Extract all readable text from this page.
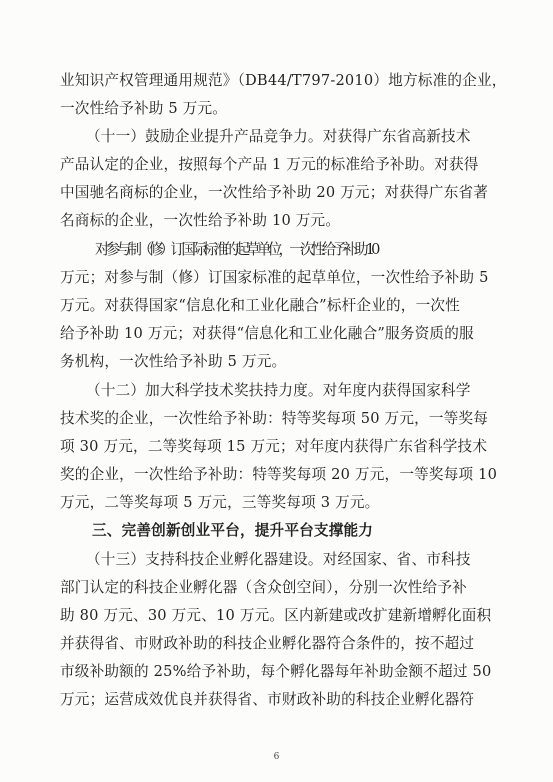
业知识产权管理通用规范》（DB44/T797-2010）地方标准的企业，
一次性给予补助 5 万元。
（十一）鼓励企业提升产品竞争力。对获得广东省高新技术
产品认定的企业，按照每个产品 1 万元的标准给予补助。对获得
中国驰名商标的企业，一次性给予补助 20 万元；对获得广东省著
名商标的企业，一次性给予补助 10 万元。
对参与制（修）订国际标准的起草单位，一次性给予补助 10
万元；对参与制（修）订国家标准的起草单位，一次性给予补助 5
万元。对获得国家“信息化和工业化融合”标杆企业的，一次性
给予补助 10 万元；对获得“信息化和工业化融合”服务资质的服
务机构，一次性给予补助 5 万元。
（十二）加大科学技术奖扶持力度。对年度内获得国家科学
技术奖的企业，一次性给予补助：特等奖每项 50 万元，一等奖每
项 30 万元，二等奖每项 15 万元；对年度内获得广东省科学技术
奖的企业，一次性给予补助：特等奖每项 20 万元，一等奖每项 10
万元，二等奖每项 5 万元，三等奖每项 3 万元。
三、完善创新创业平台，提升平台支撑能力
（十三）支持科技企业孵化器建设。对经国家、省、市科技
部门认定的科技企业孵化器（含众创空间），分别一次性给予补
助 80 万元、30 万元、10 万元。区内新建或改扩建新增孵化面积
并获得省、市财政补助的科技企业孵化器符合条件的，按不超过
市级补助额的 25%给予补助，每个孵化器每年补助金额不超过 50
万元；运营成效优良并获得省、市财政补助的科技企业孵化器符
6
